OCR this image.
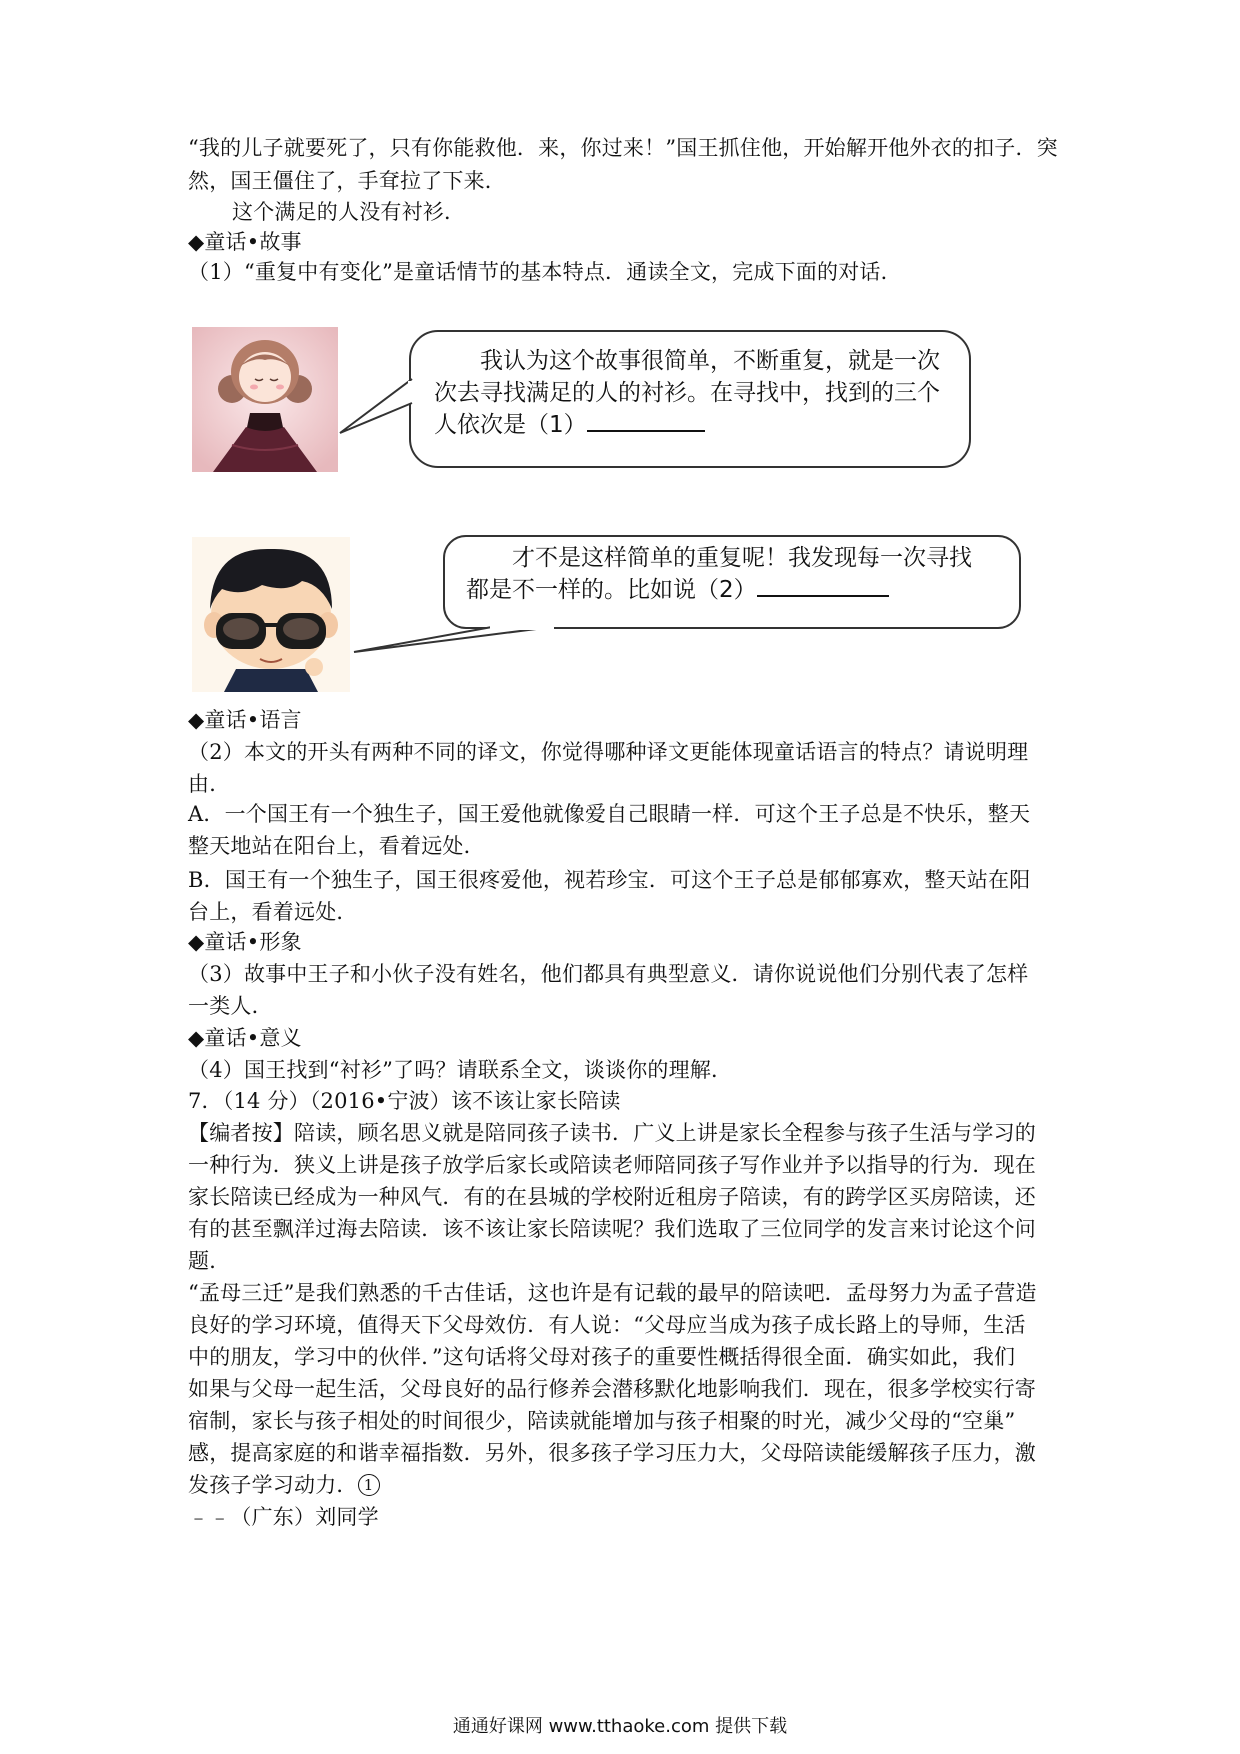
“我的儿子就要死了，只有你能救他．来，你过来！”国王抓住他，开始解开他外衣的扣子．突
然，国王僵住了，手耷拉了下来．
这个满足的人没有衬衫．
◆童话•故事
（1）“重复中有变化”是童话情节的基本特点．通读全文，完成下面的对话．
我认为这个故事很简单，不断重复，就是一次
次去寻找满足的人的衬衫。在寻找中，找到的三个
人依次是（1）
才不是这样简单的重复呢！我发现每一次寻找
都是不一样的。比如说（2）
◆童话•语言
（2）本文的开头有两种不同的译文，你觉得哪种译文更能体现童话语言的特点？请说明理
由．
A．一个国王有一个独生子，国王爱他就像爱自己眼睛一样．可这个王子总是不快乐，整天
整天地站在阳台上，看着远处．
B．国王有一个独生子，国王很疼爱他，视若珍宝．可这个王子总是郁郁寡欢，整天站在阳
台上，看着远处．
◆童话•形象
（3）故事中王子和小伙子没有姓名，他们都具有典型意义．请你说说他们分别代表了怎样
一类人．
◆童话•意义
（4）国王找到“衬衫”了吗？请联系全文，谈谈你的理解．
7．（14 分）（2016•宁波）该不该让家长陪读
【编者按】陪读，顾名思义就是陪同孩子读书．广义上讲是家长全程参与孩子生活与学习的
一种行为．狭义上讲是孩子放学后家长或陪读老师陪同孩子写作业并予以指导的行为．现在
家长陪读已经成为一种风气．有的在县城的学校附近租房子陪读，有的跨学区买房陪读，还
有的甚至飘洋过海去陪读．该不该让家长陪读呢？我们选取了三位同学的发言来讨论这个问
题．
“孟母三迁”是我们熟悉的千古佳话，这也许是有记载的最早的陪读吧．孟母努力为孟子营造
良好的学习环境，值得天下父母效仿．有人说：“父母应当成为孩子成长路上的导师，生活
中的朋友，学习中的伙伴．”这句话将父母对孩子的重要性概括得很全面．确实如此，我们
如果与父母一起生活，父母良好的品行修养会潜移默化地影响我们．现在，很多学校实行寄
宿制，家长与孩子相处的时间很少，陪读就能增加与孩子相聚的时光，减少父母的“空巢”
感，提高家庭的和谐幸福指数．另外，很多孩子学习压力大，父母陪读能缓解孩子压力，激
发孩子学习动力． 1
﹣﹣（广东）刘同学
通通好课网 www.tthaoke.com 提供下载
